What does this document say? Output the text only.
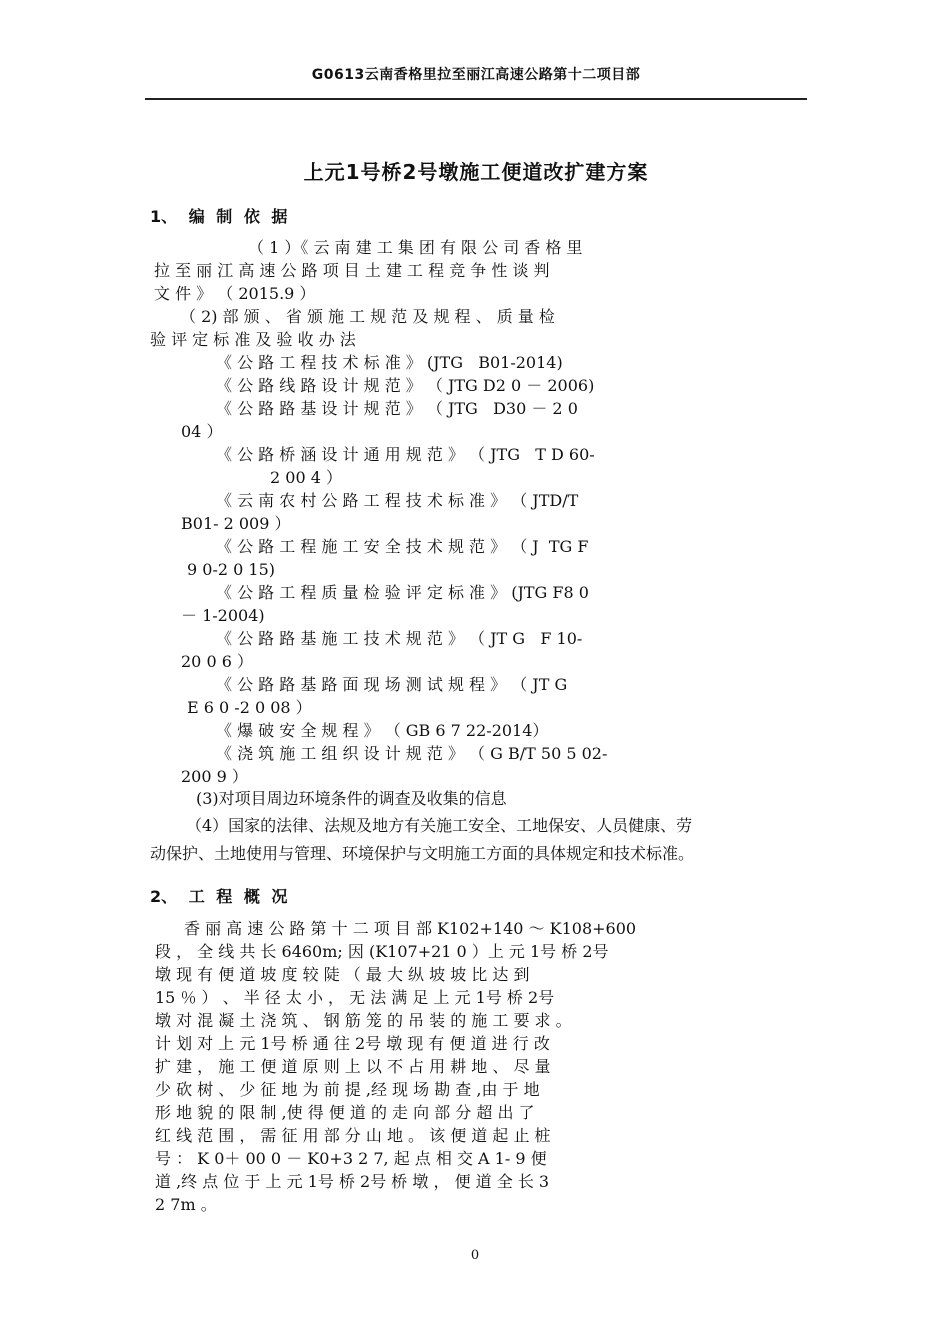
G0613云南香格里拉至丽江高速公路第十二项目部
上元1号桥2号墩施工便道改扩建方案
1、 编 制 依 据
（ 1 ）《 云 南 建 工 集 团 有 限 公 司 香 格 里
拉 至 丽 江 高 速 公 路 项 目 土 建 工 程 竞 争 性 谈 判
文 件 》 （ 2015.9 ）
（ 2) 部 颁 、 省 颁 施 工 规 范 及 规 程 、 质 量 检
验 评 定 标 准 及 验 收 办 法
《 公 路 工 程 技 术 标 准 》 (JTG   B01-2014)
《 公 路 线 路 设 计 规 范 》 （ JTG D2 0 － 2006)
《 公 路 路 基 设 计 规 范 》 （ JTG   D30 － 2 0
04 ）
《 公 路 桥 涵 设 计 通 用 规 范 》 （ JTG   T D 60-
2 00 4 ）
《 云 南 农 村 公 路 工 程 技 术 标 准 》 （ JTD/T
B01- 2 009 ）
《 公 路 工 程 施 工 安 全 技 术 规 范 》 （ J  TG F
9 0-2 0 15)
《 公 路 工 程 质 量 检 验 评 定 标 准 》 (JTG F8 0
－ 1-2004)
《 公 路 路 基 施 工 技 术 规 范 》 （ JT G   F 10-
20 0 6 ）
《 公 路 路 基 路 面 现 场 测 试 规 程 》 （ JT G
E 6 0 -2 0 08 ）
《 爆 破 安 全 规 程 》 （ GB 6 7 22-2014）
《 浇 筑 施 工 组 织 设 计 规 范 》 （ G B/T 50 5 02-
200 9 ）
(3)对项目周边环境条件的调查及收集的信息
（4）国家的法律、法规及地方有关施工安全、工地保安、人员健康、劳
动保护、土地使用与管理、环境保护与文明施工方面的具体规定和技术标准。
2、 工 程 概 况
香 丽 高 速 公 路 第 十 二 项 目 部 K102+140 ～ K108+600
段 ， 全 线 共 长 6460m; 因 (K107+21 0 ）上 元 1号 桥 2号
墩 现 有 便 道 坡 度 较 陡 （ 最 大 纵 坡 坡 比 达 到
15 ％ ） 、 半 径 太 小 ， 无 法 满 足 上 元 1号 桥 2号
墩 对 混 凝 土 浇 筑 、 钢 筋 笼 的 吊 装 的 施 工 要 求 。
计 划 对 上 元 1号 桥 通 往 2号 墩 现 有 便 道 进 行 改
扩 建 ， 施 工 便 道 原 则 上 以 不 占 用 耕 地 、 尽 量
少 砍 树 、 少 征 地 为 前 提 ,经 现 场 勘 查 ,由 于 地
形 地 貌 的 限 制 ,使 得 便 道 的 走 向 部 分 超 出 了
红 线 范 围 ， 需 征 用 部 分 山 地 。 该 便 道 起 止 桩
号 ： K 0＋ 00 0 － K0+3 2 7, 起 点 相 交 A 1- 9 便
道 ,终 点 位 于 上 元 1号 桥 2号 桥 墩 ， 便 道 全 长 3
2 7m 。
0
